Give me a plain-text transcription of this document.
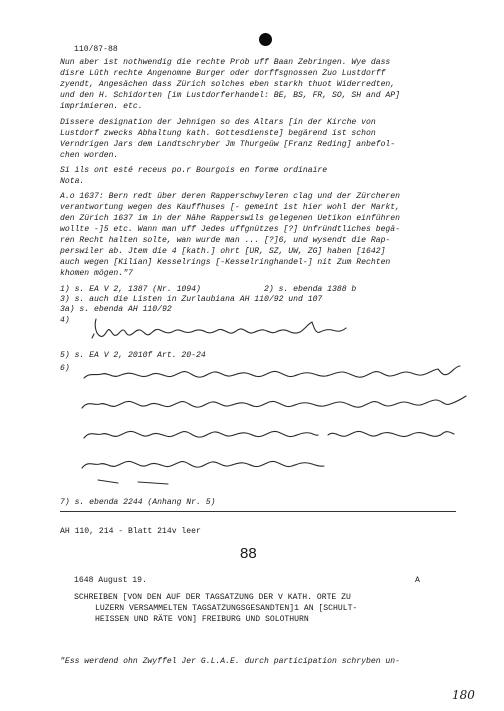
110/87-88
Nun aber ist nothwendig die rechte Prob uff Baan Zebringen. Wye dass
disre Lüth rechte Angenomne Burger oder dorffsgnossen Zuo Lustdorff
zyendt, Angesächen dass Zürich solches eben starkh thuot Widerredten,
und den H. Schidorten [im Lustdorferhandel: BE, BS, FR, SO, SH and AP]
imprimieren. etc.
Dissere designation der Jehnigen so des Altars [in der Kirche von
Lustdorf zwecks Abhaltung kath. Gottesdienste] begärend ist schon
Verndrigen Jars dem Landtschryber Jm Thurgeüw [Franz Reding] anbefol-
chen worden.
Si ils ont esté receus po.r Bourgois en forme ordinaire
Nota.
A.o 1637: Bern redt über deren Rapperschwyleren clag und der Zürcheren
verantwortung wegen des Kauffhuses [- gemeint ist hier wohl der Markt,
den Zürich 1637 im in der Nähe Rapperswils gelegenen Uetikon einführen
wollte -]5 etc. Wann man uff Jedes uffgnützes [?] Unfründtliches begä-
ren Recht halten solte, wan wurde man ... [?]6, und wysendt die Rap-
perswiler ab. Jtem die 4 [kath.] ohrt [UR, SZ, UW, ZG] haben [1642]
auch wegen [Kilian] Kesselrings [-Kesselringhandel-] nit Zum Rechten
khomen mögen."7
1) s. EA V 2, 1387 (Nr. 1094)	2) s. ebenda 1388 b
3) s. auch die Listen in Zurlaubiana AH 110/92 und 107
3a) s. ebenda AH 110/92
4)
5) s. EA V 2, 2010f Art. 20-24
6)
7) s. ebenda 2244 (Anhang Nr. 5)
AH 110, 214 - Blatt 214v leer
88
1648 August 19.	A
SCHREIBEN [VON DEN AUF DER TAGSATZUNG DER V KATH. ORTE ZU
LUZERN VERSAMMELTEN TAGSATZUNGSGESANDTEN]1 AN [SCHULT-
HEISSEN UND RÄTE VON] FREIBURG UND SOLOTHURN
"Ess werdend ohn Zwyffel Jer G.L.A.E. durch participation schryben un-
180
